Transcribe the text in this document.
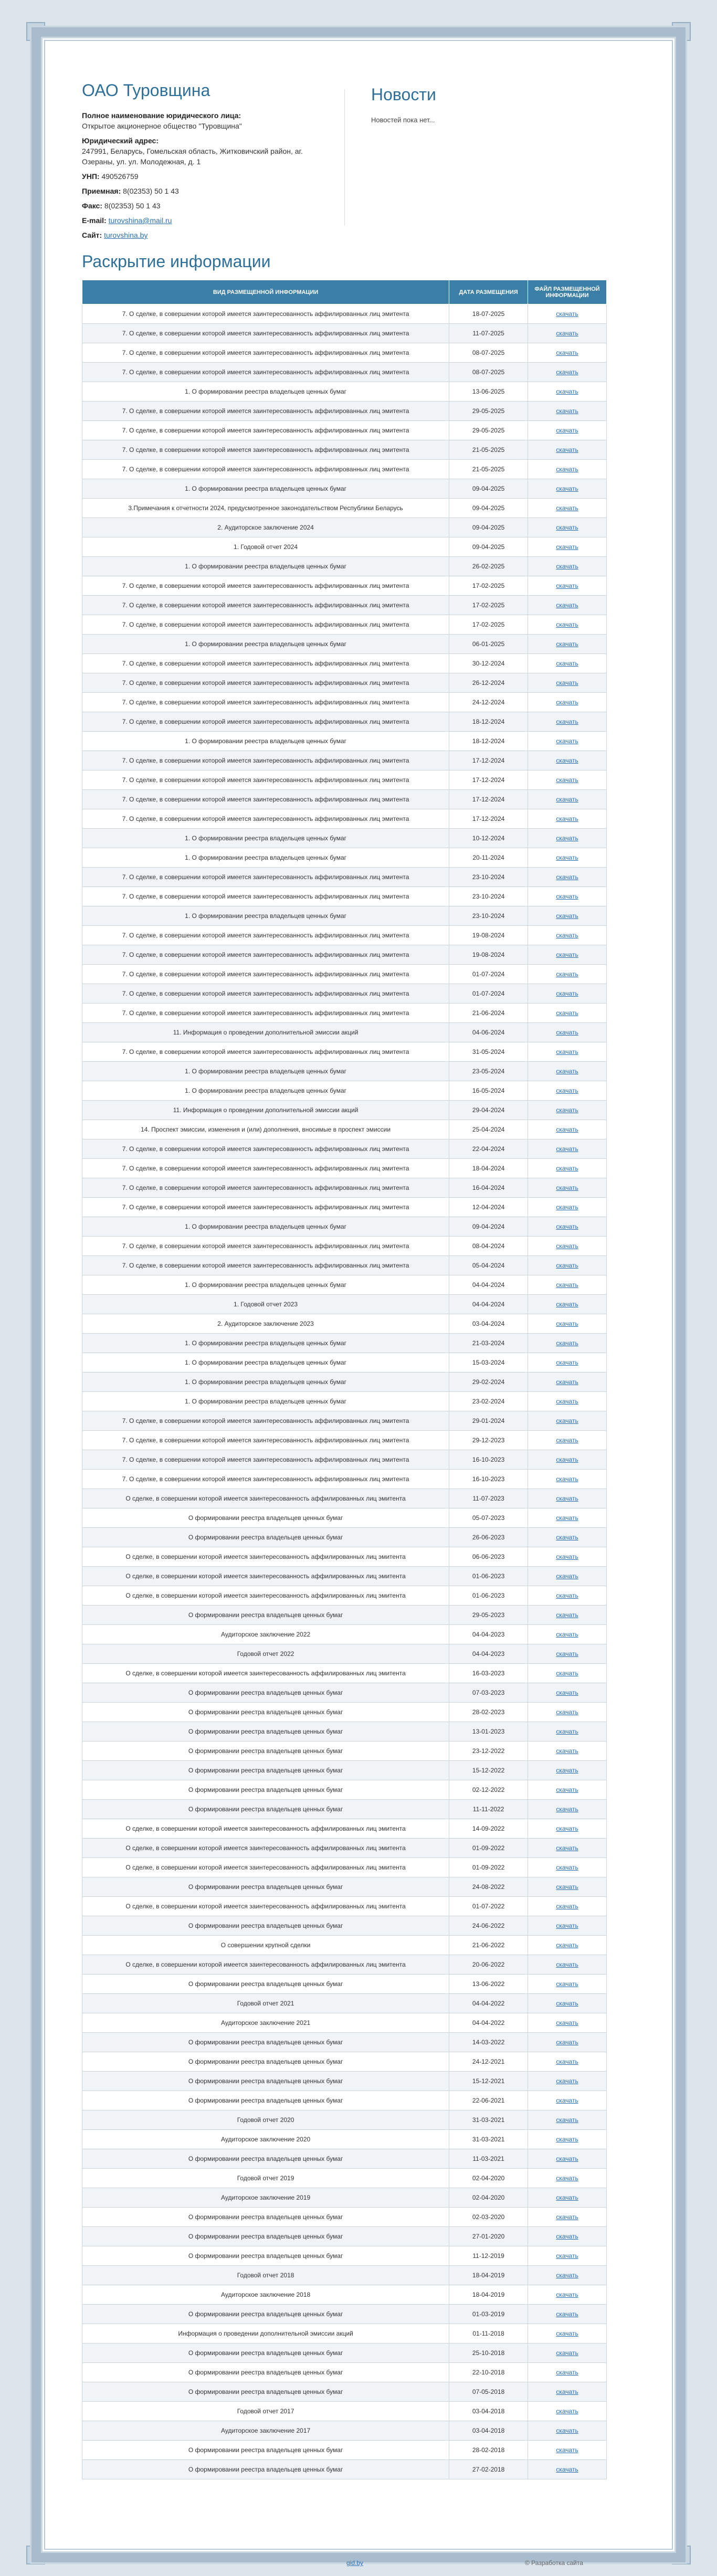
ОАО Туровщина

Полное наименование юридического лица:
Открытое акционерное общество "Туровщина"

Юридический адрес:
247991, Беларусь, Гомельская область, Житковичский район, аг. Озераны, ул. ул. Молодежная, д. 1

УНП: 490526759

Приемная: 8(02353) 50 1 43

Факс: 8(02353) 50 1 43

E-mail: turovshina@mail.ru

Сайт: turovshina.by

Новости

Новостей пока нет...

Раскрытие информации
ВИД РАЗМЕЩЕННОЙ ИНФОРМАЦИИ	ДАТА РАЗМЕЩЕНИЯ	ФАЙЛ РАЗМЕЩЕННОЙ ИНФОРМАЦИИ
7. О сделке, в совершении которой имеется заинтересованность аффилированных лиц эмитента	18-07-2025	скачать
7. О сделке, в совершении которой имеется заинтересованность аффилированных лиц эмитента	11-07-2025	скачать
7. О сделке, в совершении которой имеется заинтересованность аффилированных лиц эмитента	08-07-2025	скачать
7. О сделке, в совершении которой имеется заинтересованность аффилированных лиц эмитента	08-07-2025	скачать
1. О формировании реестра владельцев ценных бумаг	13-06-2025	скачать
7. О сделке, в совершении которой имеется заинтересованность аффилированных лиц эмитента	29-05-2025	скачать
7. О сделке, в совершении которой имеется заинтересованность аффилированных лиц эмитента	29-05-2025	скачать
7. О сделке, в совершении которой имеется заинтересованность аффилированных лиц эмитента	21-05-2025	скачать
7. О сделке, в совершении которой имеется заинтересованность аффилированных лиц эмитента	21-05-2025	скачать
1. О формировании реестра владельцев ценных бумаг	09-04-2025	скачать
3.Примечания к отчетности 2024, предусмотренное законодательством Республики Беларусь	09-04-2025	скачать
2. Аудиторское заключение 2024	09-04-2025	скачать
1. Годовой отчет 2024	09-04-2025	скачать
1. О формировании реестра владельцев ценных бумаг	26-02-2025	скачать
7. О сделке, в совершении которой имеется заинтересованность аффилированных лиц эмитента	17-02-2025	скачать
7. О сделке, в совершении которой имеется заинтересованность аффилированных лиц эмитента	17-02-2025	скачать
7. О сделке, в совершении которой имеется заинтересованность аффилированных лиц эмитента	17-02-2025	скачать
1. О формировании реестра владельцев ценных бумаг	06-01-2025	скачать
7. О сделке, в совершении которой имеется заинтересованность аффилированных лиц эмитента	30-12-2024	скачать
7. О сделке, в совершении которой имеется заинтересованность аффилированных лиц эмитента	26-12-2024	скачать
7. О сделке, в совершении которой имеется заинтересованность аффилированных лиц эмитента	24-12-2024	скачать
7. О сделке, в совершении которой имеется заинтересованность аффилированных лиц эмитента	18-12-2024	скачать
1. О формировании реестра владельцев ценных бумаг	18-12-2024	скачать
7. О сделке, в совершении которой имеется заинтересованность аффилированных лиц эмитента	17-12-2024	скачать
7. О сделке, в совершении которой имеется заинтересованность аффилированных лиц эмитента	17-12-2024	скачать
7. О сделке, в совершении которой имеется заинтересованность аффилированных лиц эмитента	17-12-2024	скачать
7. О сделке, в совершении которой имеется заинтересованность аффилированных лиц эмитента	17-12-2024	скачать
1. О формировании реестра владельцев ценных бумаг	10-12-2024	скачать
1. О формировании реестра владельцев ценных бумаг	20-11-2024	скачать
7. О сделке, в совершении которой имеется заинтересованность аффилированных лиц эмитента	23-10-2024	скачать
7. О сделке, в совершении которой имеется заинтересованность аффилированных лиц эмитента	23-10-2024	скачать
1. О формировании реестра владельцев ценных бумаг	23-10-2024	скачать
7. О сделке, в совершении которой имеется заинтересованность аффилированных лиц эмитента	19-08-2024	скачать
7. О сделке, в совершении которой имеется заинтересованность аффилированных лиц эмитента	19-08-2024	скачать
7. О сделке, в совершении которой имеется заинтересованность аффилированных лиц эмитента	01-07-2024	скачать
7. О сделке, в совершении которой имеется заинтересованность аффилированных лиц эмитента	01-07-2024	скачать
7. О сделке, в совершении которой имеется заинтересованность аффилированных лиц эмитента	21-06-2024	скачать
11. Информация о проведении дополнительной эмиссии акций	04-06-2024	скачать
7. О сделке, в совершении которой имеется заинтересованность аффилированных лиц эмитента	31-05-2024	скачать
1. О формировании реестра владельцев ценных бумаг	23-05-2024	скачать
1. О формировании реестра владельцев ценных бумаг	16-05-2024	скачать
11. Информация о проведении дополнительной эмиссии акций	29-04-2024	скачать
14. Проспект эмиссии, изменения и (или) дополнения, вносимые в проспект эмиссии	25-04-2024	скачать
7. О сделке, в совершении которой имеется заинтересованность аффилированных лиц эмитента	22-04-2024	скачать
7. О сделке, в совершении которой имеется заинтересованность аффилированных лиц эмитента	18-04-2024	скачать
7. О сделке, в совершении которой имеется заинтересованность аффилированных лиц эмитента	16-04-2024	скачать
7. О сделке, в совершении которой имеется заинтересованность аффилированных лиц эмитента	12-04-2024	скачать
1. О формировании реестра владельцев ценных бумаг	09-04-2024	скачать
7. О сделке, в совершении которой имеется заинтересованность аффилированных лиц эмитента	08-04-2024	скачать
7. О сделке, в совершении которой имеется заинтересованность аффилированных лиц эмитента	05-04-2024	скачать
1. О формировании реестра владельцев ценных бумаг	04-04-2024	скачать
1. Годовой отчет 2023	04-04-2024	скачать
2. Аудиторское заключение 2023	03-04-2024	скачать
1. О формировании реестра владельцев ценных бумаг	21-03-2024	скачать
1. О формировании реестра владельцев ценных бумаг	15-03-2024	скачать
1. О формировании реестра владельцев ценных бумаг	29-02-2024	скачать
1. О формировании реестра владельцев ценных бумаг	23-02-2024	скачать
7. О сделке, в совершении которой имеется заинтересованность аффилированных лиц эмитента	29-01-2024	скачать
7. О сделке, в совершении которой имеется заинтересованность аффилированных лиц эмитента	29-12-2023	скачать
7. О сделке, в совершении которой имеется заинтересованность аффилированных лиц эмитента	16-10-2023	скачать
7. О сделке, в совершении которой имеется заинтересованность аффилированных лиц эмитента	16-10-2023	скачать
О сделке, в совершении которой имеется заинтересованность аффилированных лиц эмитента	11-07-2023	скачать
О формировании реестра владельцев ценных бумаг	05-07-2023	скачать
О формировании реестра владельцев ценных бумаг	26-06-2023	скачать
О сделке, в совершении которой имеется заинтересованность аффилированных лиц эмитента	06-06-2023	скачать
О сделке, в совершении которой имеется заинтересованность аффилированных лиц эмитента	01-06-2023	скачать
О сделке, в совершении которой имеется заинтересованность аффилированных лиц эмитента	01-06-2023	скачать
О формировании реестра владельцев ценных бумаг	29-05-2023	скачать
Аудиторское заключение 2022	04-04-2023	скачать
Годовой отчет 2022	04-04-2023	скачать
О сделке, в совершении которой имеется заинтересованность аффилированных лиц эмитента	16-03-2023	скачать
О формировании реестра владельцев ценных бумаг	07-03-2023	скачать
О формировании реестра владельцев ценных бумаг	28-02-2023	скачать
О формировании реестра владельцев ценных бумаг	13-01-2023	скачать
О формировании реестра владельцев ценных бумаг	23-12-2022	скачать
О формировании реестра владельцев ценных бумаг	15-12-2022	скачать
О формировании реестра владельцев ценных бумаг	02-12-2022	скачать
О формировании реестра владельцев ценных бумаг	11-11-2022	скачать
О сделке, в совершении которой имеется заинтересованность аффилированных лиц эмитента	14-09-2022	скачать
О сделке, в совершении которой имеется заинтересованность аффилированных лиц эмитента	01-09-2022	скачать
О сделке, в совершении которой имеется заинтересованность аффилированных лиц эмитента	01-09-2022	скачать
О формировании реестра владельцев ценных бумаг	24-08-2022	скачать
О сделке, в совершении которой имеется заинтересованность аффилированных лиц эмитента	01-07-2022	скачать
О формировании реестра владельцев ценных бумаг	24-06-2022	скачать
О совершении крупной сделки	21-06-2022	скачать
О сделке, в совершении которой имеется заинтересованность аффилированных лиц эмитента	20-06-2022	скачать
О формировании реестра владельцев ценных бумаг	13-06-2022	скачать
Годовой отчет 2021	04-04-2022	скачать
Аудиторское заключение 2021	04-04-2022	скачать
О формировании реестра владельцев ценных бумаг	14-03-2022	скачать
О формировании реестра владельцев ценных бумаг	24-12-2021	скачать
О формировании реестра владельцев ценных бумаг	15-12-2021	скачать
О формировании реестра владельцев ценных бумаг	22-06-2021	скачать
Годовой отчет 2020	31-03-2021	скачать
Аудиторское заключение 2020	31-03-2021	скачать
О формировании реестра владельцев ценных бумаг	11-03-2021	скачать
Годовой отчет 2019	02-04-2020	скачать
Аудиторское заключение 2019	02-04-2020	скачать
О формировании реестра владельцев ценных бумаг	02-03-2020	скачать
О формировании реестра владельцев ценных бумаг	27-01-2020	скачать
О формировании реестра владельцев ценных бумаг	11-12-2019	скачать
Годовой отчет 2018	18-04-2019	скачать
Аудиторское заключение 2018	18-04-2019	скачать
О формировании реестра владельцев ценных бумаг	01-03-2019	скачать
Информация о проведении дополнительной эмиссии акций	01-11-2018	скачать
О формировании реестра владельцев ценных бумаг	25-10-2018	скачать
О формировании реестра владельцев ценных бумаг	22-10-2018	скачать
О формировании реестра владельцев ценных бумаг	07-05-2018	скачать
Годовой отчет 2017	03-04-2018	скачать
Аудиторское заключение 2017	03-04-2018	скачать
О формировании реестра владельцев ценных бумаг	28-02-2018	скачать
О формировании реестра владельцев ценных бумаг	27-02-2018	скачать
gid.by	© Разработка сайта
